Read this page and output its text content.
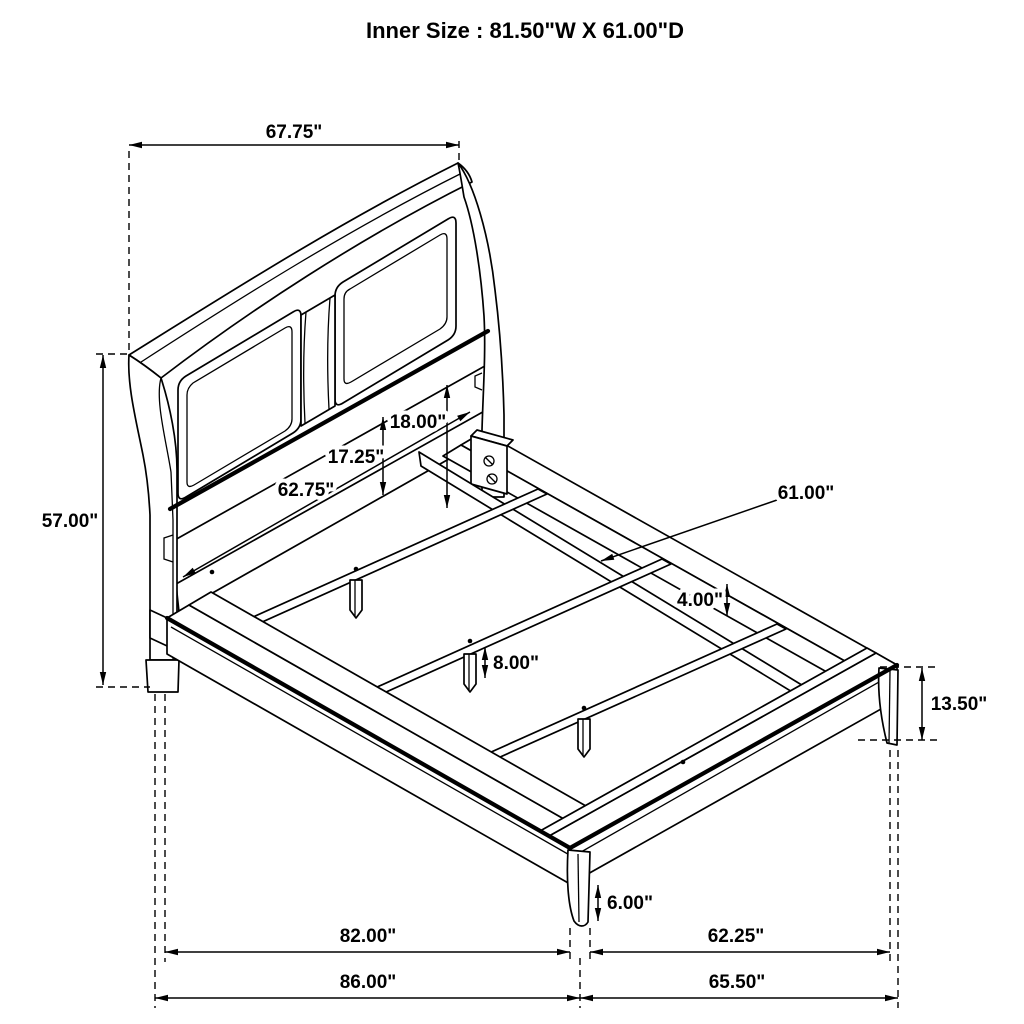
67.75"
57.00"
62.75"
17.25"
18.00"
61.00"
4.00"
8.00"
13.50"
6.00"
82.00"	62.25"
86.00"	65.50"
Inner Size : 81.50"W X 61.00"D
